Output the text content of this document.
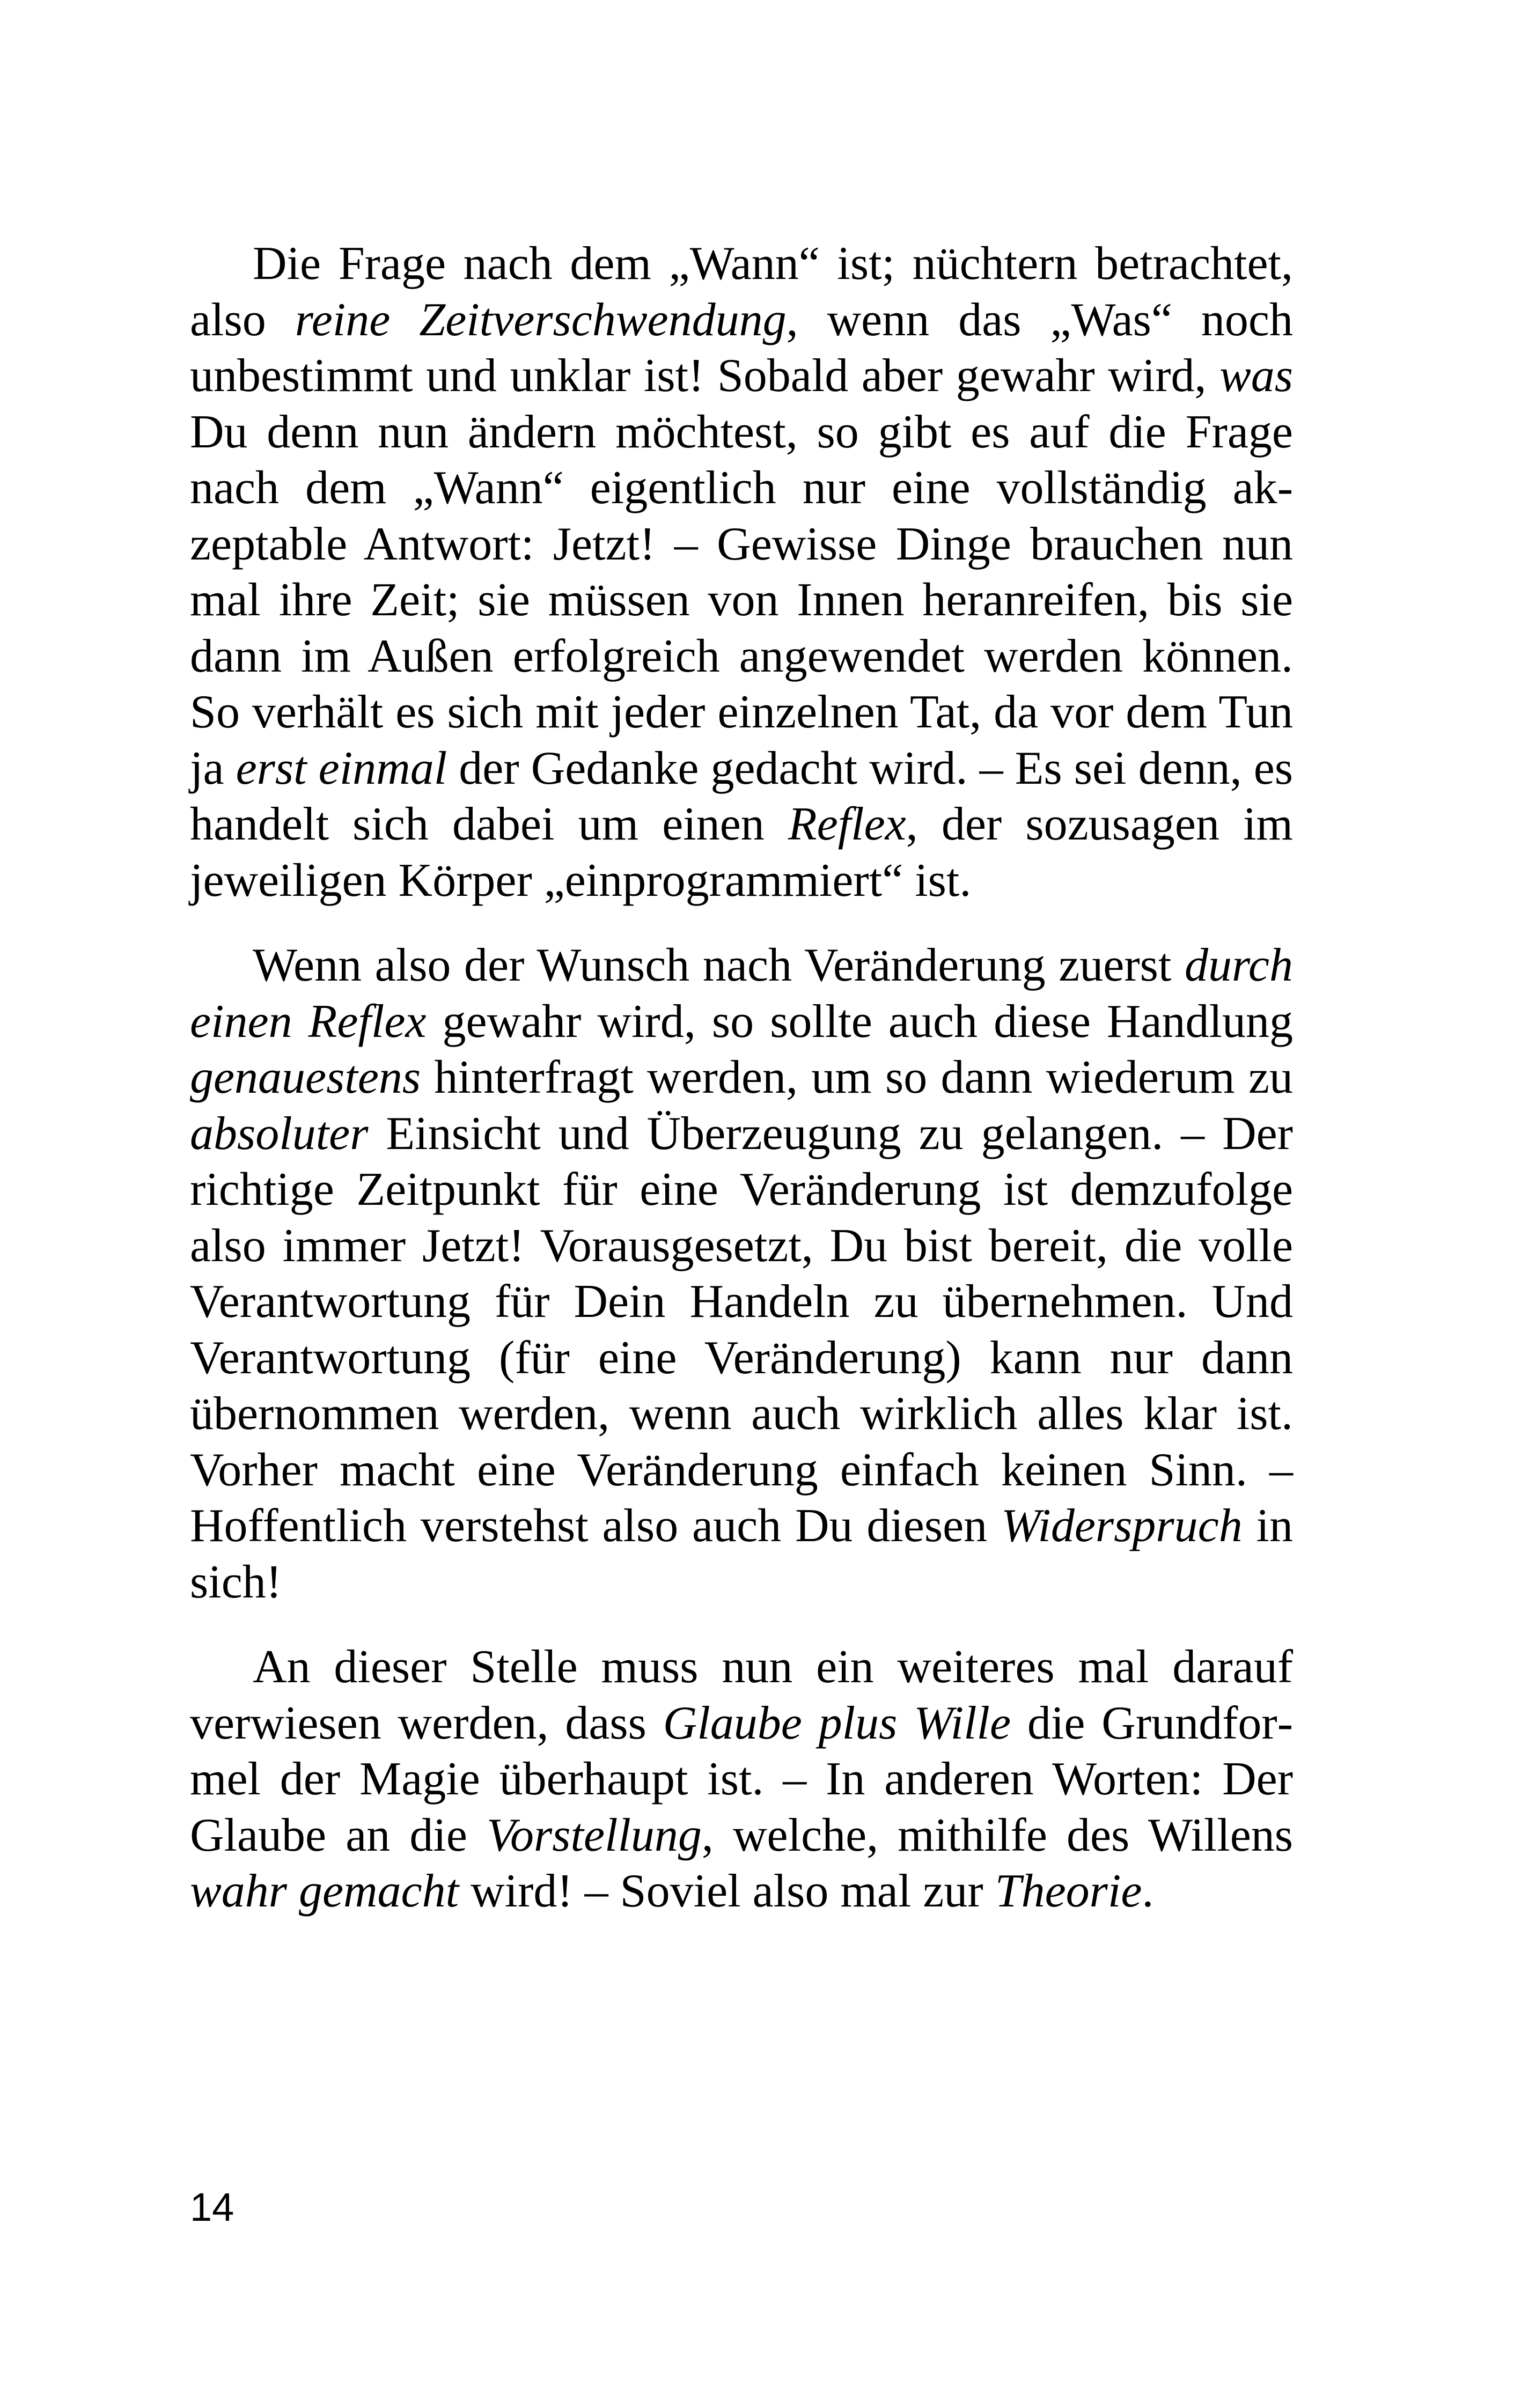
Die Frage nach dem „Wann“ ist; nüchtern betrachtet, also reine Zeitverschwendung, wenn das „Was“ noch unbestimmt und unklar ist! Sobald aber gewahr wird, was Du denn nun ändern möchtest, so gibt es auf die Frage nach dem „Wann“ eigentlich nur eine vollständig akzeptable Antwort: Jetzt! – Gewisse Dinge brauchen nun mal ihre Zeit; sie müssen von Innen heranreifen, bis sie dann im Außen erfolgreich angewendet werden können. So verhält es sich mit jeder einzelnen Tat, da vor dem Tun ja erst einmal der Gedanke gedacht wird. – Es sei denn, es handelt sich dabei um einen Reflex, der sozusagen im jeweiligen Körper „einprogrammiert“ ist.

Wenn also der Wunsch nach Veränderung zuerst durch einen Reflex gewahr wird, so sollte auch diese Handlung genauestens hinterfragt werden, um so dann wiederum zu absoluter Einsicht und Überzeugung zu gelangen. – Der richtige Zeitpunkt für eine Veränderung ist demzufolge also immer Jetzt! Vorausgesetzt, Du bist bereit, die volle Verantwortung für Dein Handeln zu übernehmen. Und Verantwortung (für eine Veränderung) kann nur dann übernommen werden, wenn auch wirklich alles klar ist. Vorher macht eine Veränderung einfach keinen Sinn. – Hoffentlich verstehst also auch Du diesen Widerspruch in sich!

An dieser Stelle muss nun ein weiteres mal darauf verwiesen werden, dass Glaube plus Wille die Grundformel der Magie überhaupt ist. – In anderen Worten: Der Glaube an die Vorstellung, welche, mithilfe des Willens wahr gemacht wird! – Soviel also mal zur Theorie.

14
